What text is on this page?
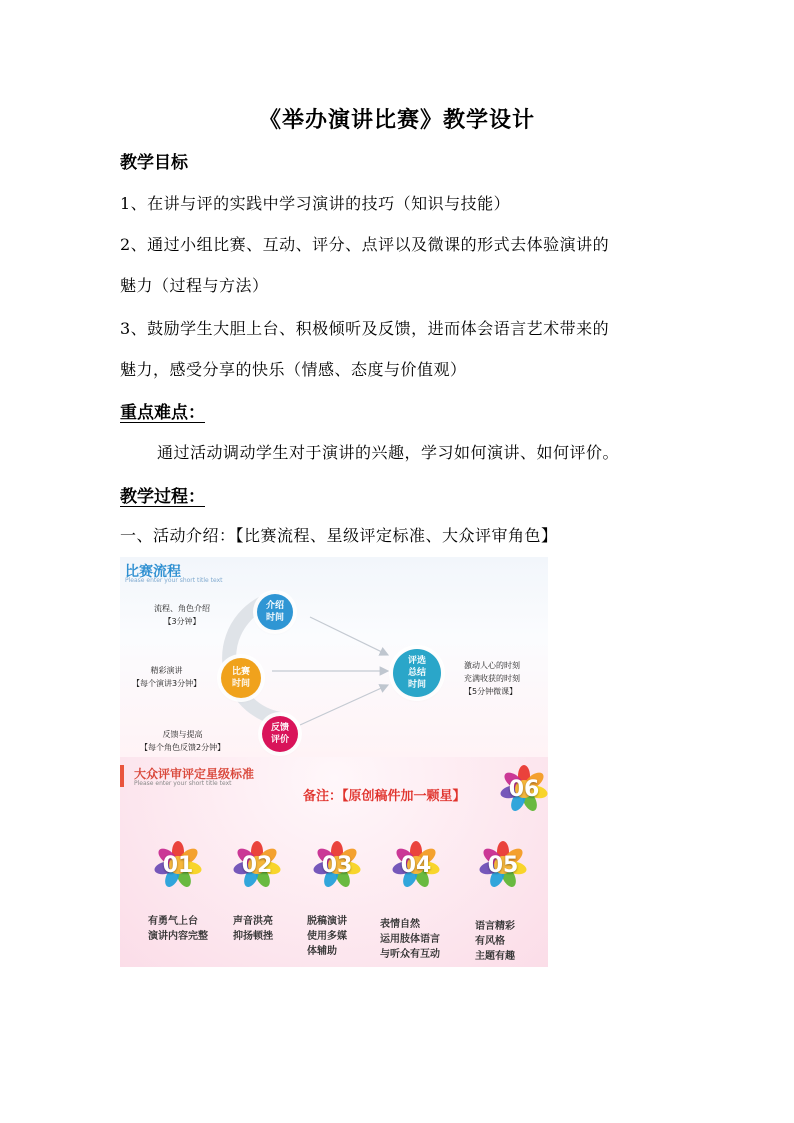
《举办演讲比赛》教学设计
教学目标
1、在讲与评的实践中学习演讲的技巧（知识与技能）
2、通过小组比赛、互动、评分、点评以及微课的形式去体验演讲的
魅力（过程与方法）
3、鼓励学生大胆上台、积极倾听及反馈，进而体会语言艺术带来的
魅力，感受分享的快乐（情感、态度与价值观）
重点难点：
通过活动调动学生对于演讲的兴趣，学习如何演讲、如何评价。
教学过程：
一、活动介绍：【比赛流程、星级评定标准、大众评审角色】
比赛流程
Please enter your short title text
流程、角色介绍
【3分钟】
精彩演讲
【每个演讲3分钟】
反馈与提高
【每个角色反馈2分钟】
激动人心的时刻
充满收获的时刻
【5分钟微课】
介绍
时间
比赛
时间
反馈
评价
评选
总结
时间
大众评审评定星级标准
Please enter your short title text
备注：【原创稿件加一颗星】	06
01	02	03	04	05
有勇气上台
演讲内容完整
声音洪亮
抑扬顿挫
脱稿演讲
使用多媒
体辅助
表情自然
运用肢体语言
与听众有互动
语言精彩
有风格
主题有趣
